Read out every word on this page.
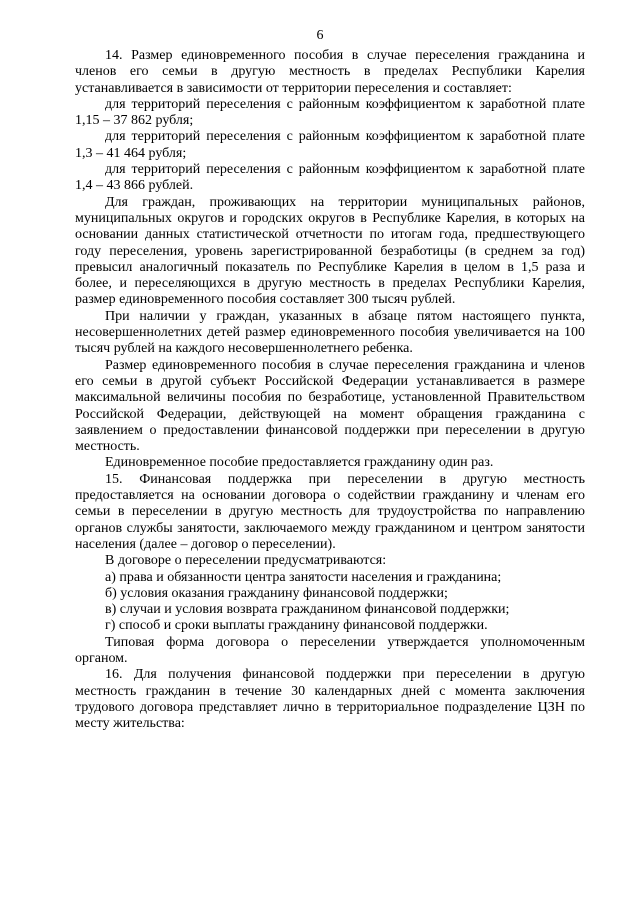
6

14. Размер единовременного пособия в случае переселения гражданина и членов его семьи в другую местность в пределах Республики Карелия устанавливается в зависимости от территории переселения и составляет:

для территорий переселения с районным коэффициентом к заработной плате 1,15 – 37 862 рубля;

для территорий переселения с районным коэффициентом к заработной плате 1,3 – 41 464 рубля;

для территорий переселения с районным коэффициентом к заработной плате 1,4 – 43 866 рублей.

Для граждан, проживающих на территории муниципальных районов, муниципальных округов и городских округов в Республике Карелия, в которых на основании данных статистической отчетности по итогам года, предшествующего году переселения, уровень зарегистрированной безработицы (в среднем за год) превысил аналогичный показатель по Республике Карелия в целом в 1,5 раза и более, и переселяющихся в другую местность в пределах Республики Карелия, размер единовременного пособия составляет 300 тысяч рублей.

При наличии у граждан, указанных в абзаце пятом настоящего пункта, несовершеннолетних детей размер единовременного пособия увеличивается на 100 тысяч рублей на каждого несовершеннолетнего ребенка.

Размер единовременного пособия в случае переселения гражданина и членов его семьи в другой субъект Российской Федерации устанавливается в размере максимальной величины пособия по безработице, установленной Правительством Российской Федерации, действующей на момент обращения гражданина с заявлением о предоставлении финансовой поддержки при переселении в другую местность.

Единовременное пособие предоставляется гражданину один раз.

15. Финансовая поддержка при переселении в другую местность предоставляется на основании договора о содействии гражданину и членам его семьи в переселении в другую местность для трудоустройства по направлению органов службы занятости, заключаемого между гражданином и центром занятости населения (далее – договор о переселении).

В договоре о переселении предусматриваются:

а) права и обязанности центра занятости населения и гражданина;

б) условия оказания гражданину финансовой поддержки;

в) случаи и условия возврата гражданином финансовой поддержки;

г) способ и сроки выплаты гражданину финансовой поддержки.

Типовая форма договора о переселении утверждается уполномоченным органом.

16. Для получения финансовой поддержки при переселении в другую местность гражданин в течение 30 календарных дней с момента заключения трудового договора представляет лично в территориальное подразделение ЦЗН по месту жительства:
